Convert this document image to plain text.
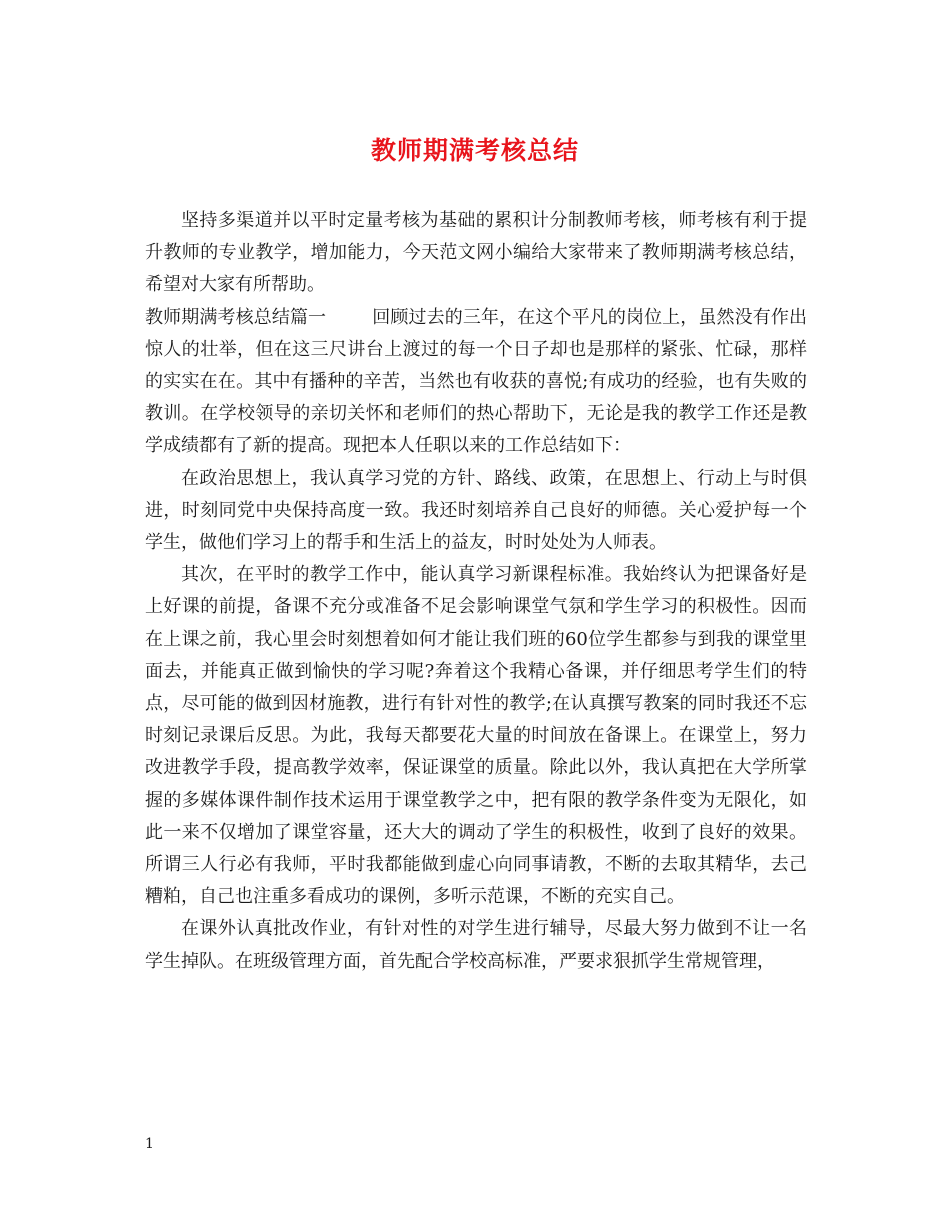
教师期满考核总结

坚持多渠道并以平时定量考核为基础的累积计分制教师考核，师考核有利于提升教师的专业教学，增加能力，今天范文网小编给大家带来了教师期满考核总结，希望对大家有所帮助。

教师期满考核总结篇一	回顾过去的三年，在这个平凡的岗位上，虽然没有作出惊人的壮举，但在这三尺讲台上渡过的每一个日子却也是那样的紧张、忙碌，那样的实实在在。其中有播种的辛苦，当然也有收获的喜悦;有成功的经验，也有失败的教训。在学校领导的亲切关怀和老师们的热心帮助下，无论是我的教学工作还是教学成绩都有了新的提高。现把本人任职以来的工作总结如下：

在政治思想上，我认真学习党的方针、路线、政策，在思想上、行动上与时俱进，时刻同党中央保持高度一致。我还时刻培养自己良好的师德。关心爱护每一个学生，做他们学习上的帮手和生活上的益友，时时处处为人师表。

其次，在平时的教学工作中，能认真学习新课程标准。我始终认为把课备好是上好课的前提，备课不充分或准备不足会影响课堂气氛和学生学习的积极性。因而在上课之前，我心里会时刻想着如何才能让我们班的60位学生都参与到我的课堂里面去，并能真正做到愉快的学习呢?奔着这个我精心备课，并仔细思考学生们的特点，尽可能的做到因材施教，进行有针对性的教学;在认真撰写教案的同时我还不忘时刻记录课后反思。为此，我每天都要花大量的时间放在备课上。在课堂上，努力改进教学手段，提高教学效率，保证课堂的质量。除此以外，我认真把在大学所掌握的多媒体课件制作技术运用于课堂教学之中，把有限的教学条件变为无限化，如此一来不仅增加了课堂容量，还大大的调动了学生的积极性，收到了良好的效果。所谓三人行必有我师，平时我都能做到虚心向同事请教，不断的去取其精华，去己糟粕，自己也注重多看成功的课例，多听示范课，不断的充实自己。

在课外认真批改作业，有针对性的对学生进行辅导，尽最大努力做到不让一名学生掉队。在班级管理方面，首先配合学校高标准，严要求狠抓学生常规管理，

1
